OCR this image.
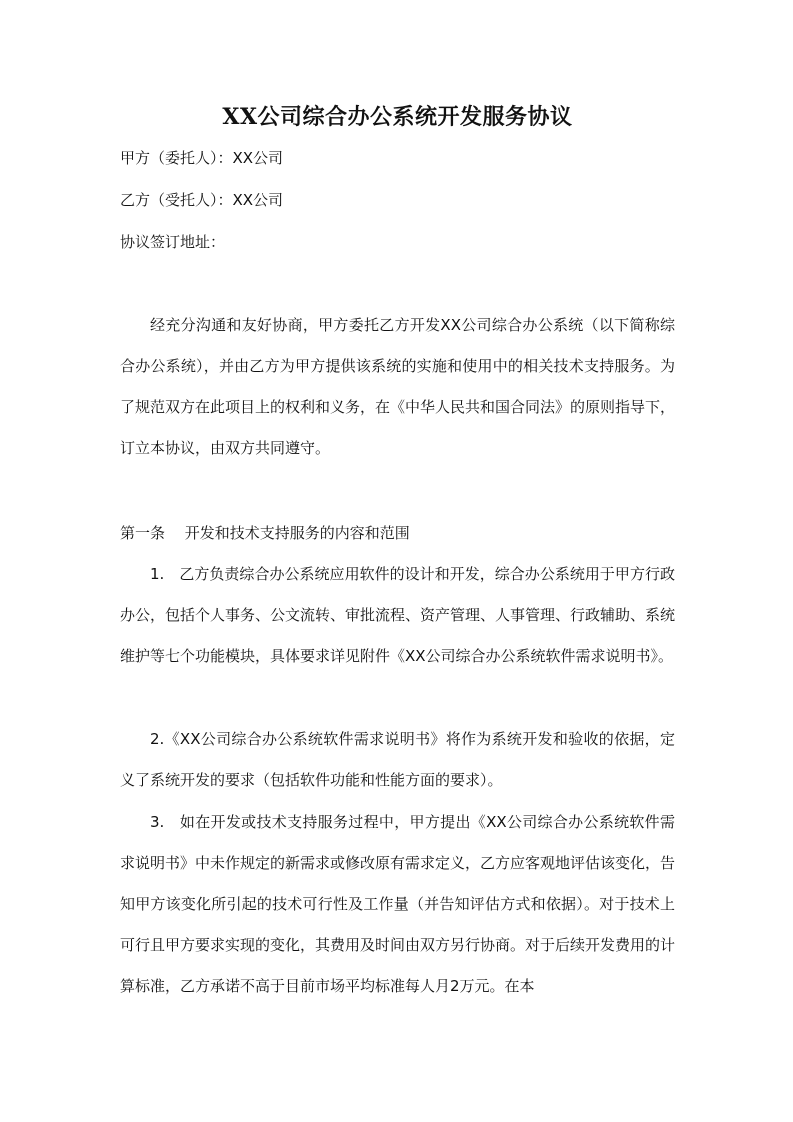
XX公司综合办公系统开发服务协议

甲方（委托人）：XX公司

乙方（受托人）：XX公司

协议签订地址：

经充分沟通和友好协商，甲方委托乙方开发XX公司综合办公系统（以下简称综合办公系统），并由乙方为甲方提供该系统的实施和使用中的相关技术支持服务。为了规范双方在此项目上的权利和义务，在《中华人民共和国合同法》的原则指导下，订立本协议，由双方共同遵守。

第一条　 开发和技术支持服务的内容和范围

1.　乙方负责综合办公系统应用软件的设计和开发，综合办公系统用于甲方行政办公，包括个人事务、公文流转、审批流程、资产管理、人事管理、行政辅助、系统维护等七个功能模块，具体要求详见附件《XX公司综合办公系统软件需求说明书》。

2.《XX公司综合办公系统软件需求说明书》将作为系统开发和验收的依据，定义了系统开发的要求（包括软件功能和性能方面的要求）。

3.　如在开发或技术支持服务过程中，甲方提出《XX公司综合办公系统软件需求说明书》中未作规定的新需求或修改原有需求定义，乙方应客观地评估该变化，告知甲方该变化所引起的技术可行性及工作量（并告知评估方式和依据）。对于技术上可行且甲方要求实现的变化，其费用及时间由双方另行协商。对于后续开发费用的计算标准，乙方承诺不高于目前市场平均标准每人月2万元。在本
